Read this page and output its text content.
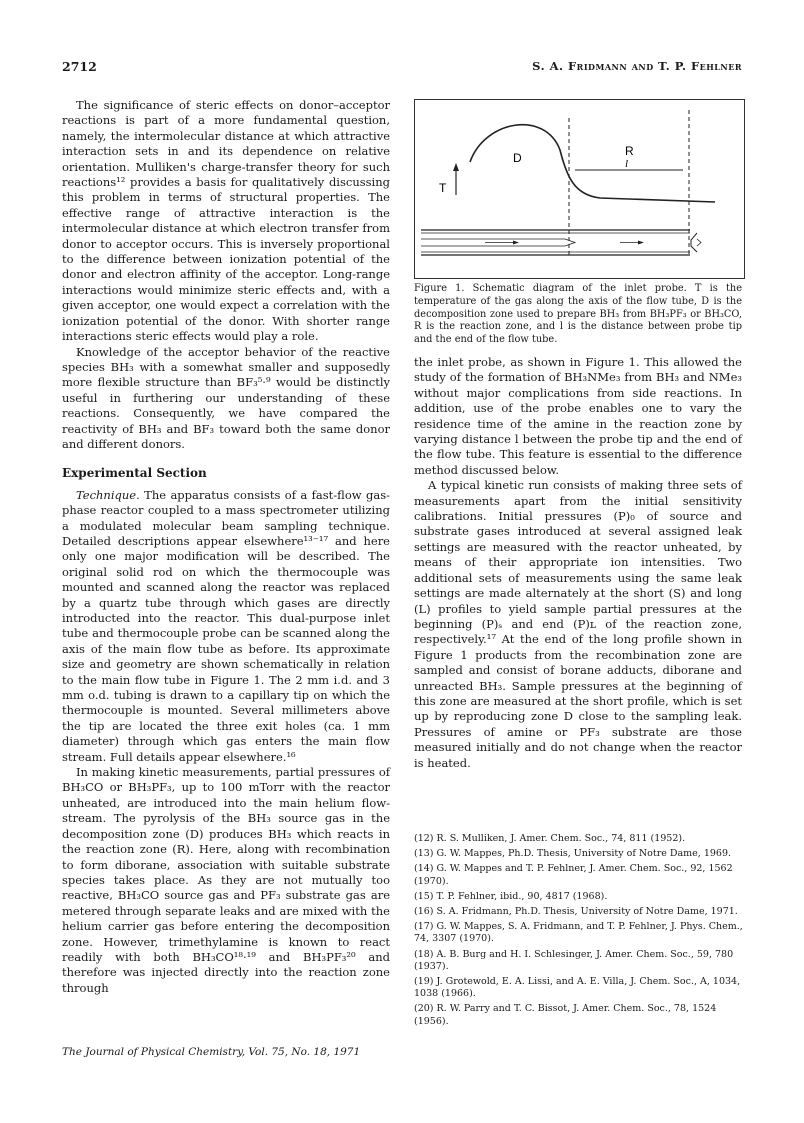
2712	S. A. Fridmann and T. P. Fehlner

The significance of steric effects on donor–acceptor reactions is part of a more fundamental question, namely, the intermolecular distance at which attractive interaction sets in and its dependence on relative orientation. Mulliken's charge-transfer theory for such reactions¹² provides a basis for qualitatively discussing this problem in terms of structural properties. The effective range of attractive interaction is the intermolecular distance at which electron transfer from donor to acceptor occurs. This is inversely proportional to the difference between ionization potential of the donor and electron affinity of the acceptor. Long-range interactions would minimize steric effects and, with a given acceptor, one would expect a correlation with the ionization potential of the donor. With shorter range interactions steric effects would play a role.

Knowledge of the acceptor behavior of the reactive species BH₃ with a somewhat smaller and supposedly more flexible structure than BF₃⁵·⁹ would be distinctly useful in furthering our understanding of these reactions. Consequently, we have compared the reactivity of BH₃ and BF₃ toward both the same donor and different donors.

Experimental Section

Technique. The apparatus consists of a fast-flow gas-phase reactor coupled to a mass spectrometer utilizing a modulated molecular beam sampling technique. Detailed descriptions appear elsewhere¹³⁻¹⁷ and here only one major modification will be described. The original solid rod on which the thermocouple was mounted and scanned along the reactor was replaced by a quartz tube through which gases are directly introducted into the reactor. This dual-purpose inlet tube and thermocouple probe can be scanned along the axis of the main flow tube as before. Its approximate size and geometry are shown schematically in relation to the main flow tube in Figure 1. The 2 mm i.d. and 3 mm o.d. tubing is drawn to a capillary tip on which the thermocouple is mounted. Several millimeters above the tip are located the three exit holes (ca. 1 mm diameter) through which gas enters the main flow stream. Full details appear elsewhere.¹⁶

In making kinetic measurements, partial pressures of BH₃CO or BH₃PF₃, up to 100 mTorr with the reactor unheated, are introduced into the main helium flow-stream. The pyrolysis of the BH₃ source gas in the decomposition zone (D) produces BH₃ which reacts in the reaction zone (R). Here, along with recombination to form diborane, association with suitable substrate species takes place. As they are not mutually too reactive, BH₃CO source gas and PF₃ substrate gas are metered through separate leaks and are mixed with the helium carrier gas before entering the decomposition zone. However, trimethylamine is known to react readily with both BH₃CO¹⁸·¹⁹ and BH₃PF₃²⁰ and therefore was injected directly into the reaction zone through

T
D	R
l
Figure 1. Schematic diagram of the inlet probe. T is the temperature of the gas along the axis of the flow tube, D is the decomposition zone used to prepare BH₃ from BH₃PF₃ or BH₃CO, R is the reaction zone, and l is the distance between probe tip and the end of the flow tube.

the inlet probe, as shown in Figure 1. This allowed the study of the formation of BH₃NMe₃ from BH₃ and NMe₃ without major complications from side reactions. In addition, use of the probe enables one to vary the residence time of the amine in the reaction zone by varying distance l between the probe tip and the end of the flow tube. This feature is essential to the difference method discussed below.

A typical kinetic run consists of making three sets of measurements apart from the initial sensitivity calibrations. Initial pressures (P)₀ of source and substrate gases introduced at several assigned leak settings are measured with the reactor unheated, by means of their appropriate ion intensities. Two additional sets of measurements using the same leak settings are made alternately at the short (S) and long (L) profiles to yield sample partial pressures at the beginning (P)ₛ and end (P)ʟ of the reaction zone, respectively.¹⁷ At the end of the long profile shown in Figure 1 products from the recombination zone are sampled and consist of borane adducts, diborane and unreacted BH₃. Sample pressures at the beginning of this zone are measured at the short profile, which is set up by reproducing zone D close to the sampling leak. Pressures of amine or PF₃ substrate are those measured initially and do not change when the reactor is heated.

(12) R. S. Mulliken, J. Amer. Chem. Soc., 74, 811 (1952).
(13) G. W. Mappes, Ph.D. Thesis, University of Notre Dame, 1969.
(14) G. W. Mappes and T. P. Fehlner, J. Amer. Chem. Soc., 92, 1562 (1970).
(15) T. P. Fehlner, ibid., 90, 4817 (1968).
(16) S. A. Fridmann, Ph.D. Thesis, University of Notre Dame, 1971.
(17) G. W. Mappes, S. A. Fridmann, and T. P. Fehlner, J. Phys. Chem., 74, 3307 (1970).
(18) A. B. Burg and H. I. Schlesinger, J. Amer. Chem. Soc., 59, 780 (1937).
(19) J. Grotewold, E. A. Lissi, and A. E. Villa, J. Chem. Soc., A, 1034, 1038 (1966).
(20) R. W. Parry and T. C. Bissot, J. Amer. Chem. Soc., 78, 1524 (1956).
The Journal of Physical Chemistry, Vol. 75, No. 18, 1971
